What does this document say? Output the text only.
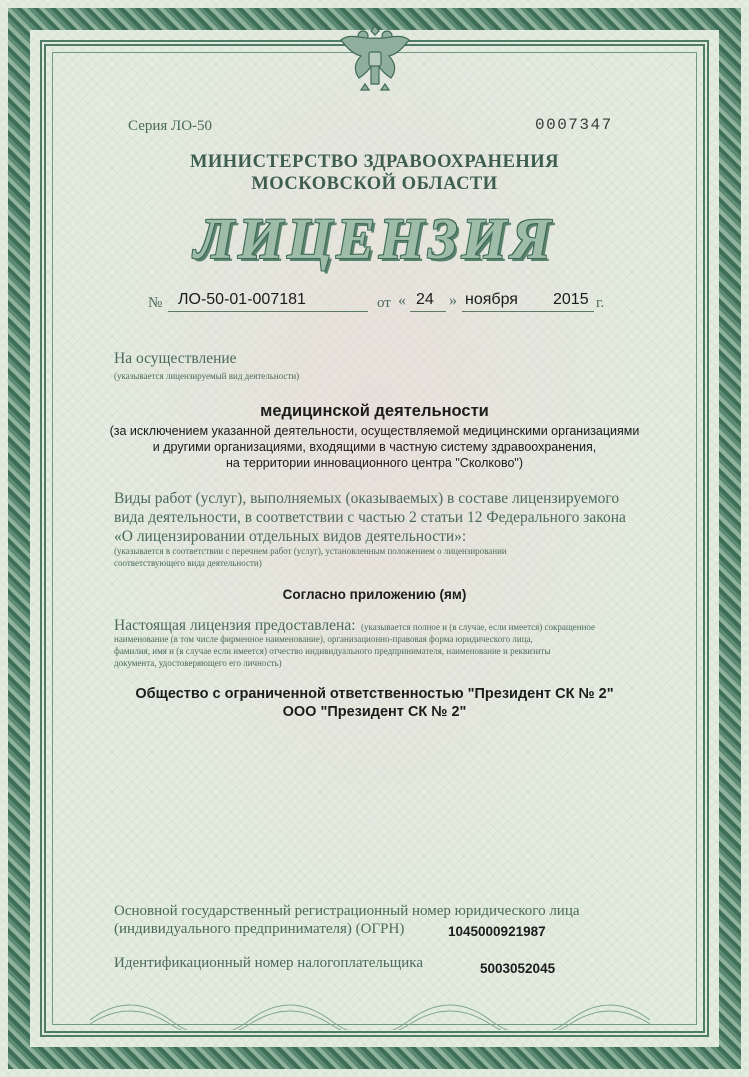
Серия ЛО-50	0007347
МИНИСТЕРСТВО ЗДРАВООХРАНЕНИЯ
МОСКОВСКОЙ ОБЛАСТИ
ЛИЦЕНЗИЯ
№ ЛО-50-01-007181	от « 24 » ноября 2015 г.
На осуществление
(указывается лицензируемый вид деятельности)
медицинской деятельности
(за исключением указанной деятельности, осуществляемой медицинскими организациями
и другими организациями, входящими в частную систему здравоохранения,
на территории инновационного центра "Сколково")
Виды работ (услуг), выполняемых (оказываемых) в составе лицензируемого
вида деятельности, в соответствии с частью 2 статьи 12 Федерального закона
«О лицензировании отдельных видов деятельности»:
(указывается в соответствии с перечнем работ (услуг), установленным положением о лицензировании
соответствующего вида деятельности)
Согласно приложению (ям)
Настоящая лицензия предоставлена: (указывается полное и (в случае, если имеется) сокращенное
наименование (в том числе фирменное наименование), организационно-правовая форма юридического лица,
фамилия, имя и (в случае если имеется) отчество индивидуального предпринимателя, наименование и реквизиты
документа, удостоверяющего его личность)
Общество с ограниченной ответственностью "Президент СК № 2"
ООО "Президент СК № 2"
Основной государственный регистрационный номер юридического лица
(индивидуального предпринимателя) (ОГРН)	1045000921987
Идентификационный номер налогоплательщика	5003052045
